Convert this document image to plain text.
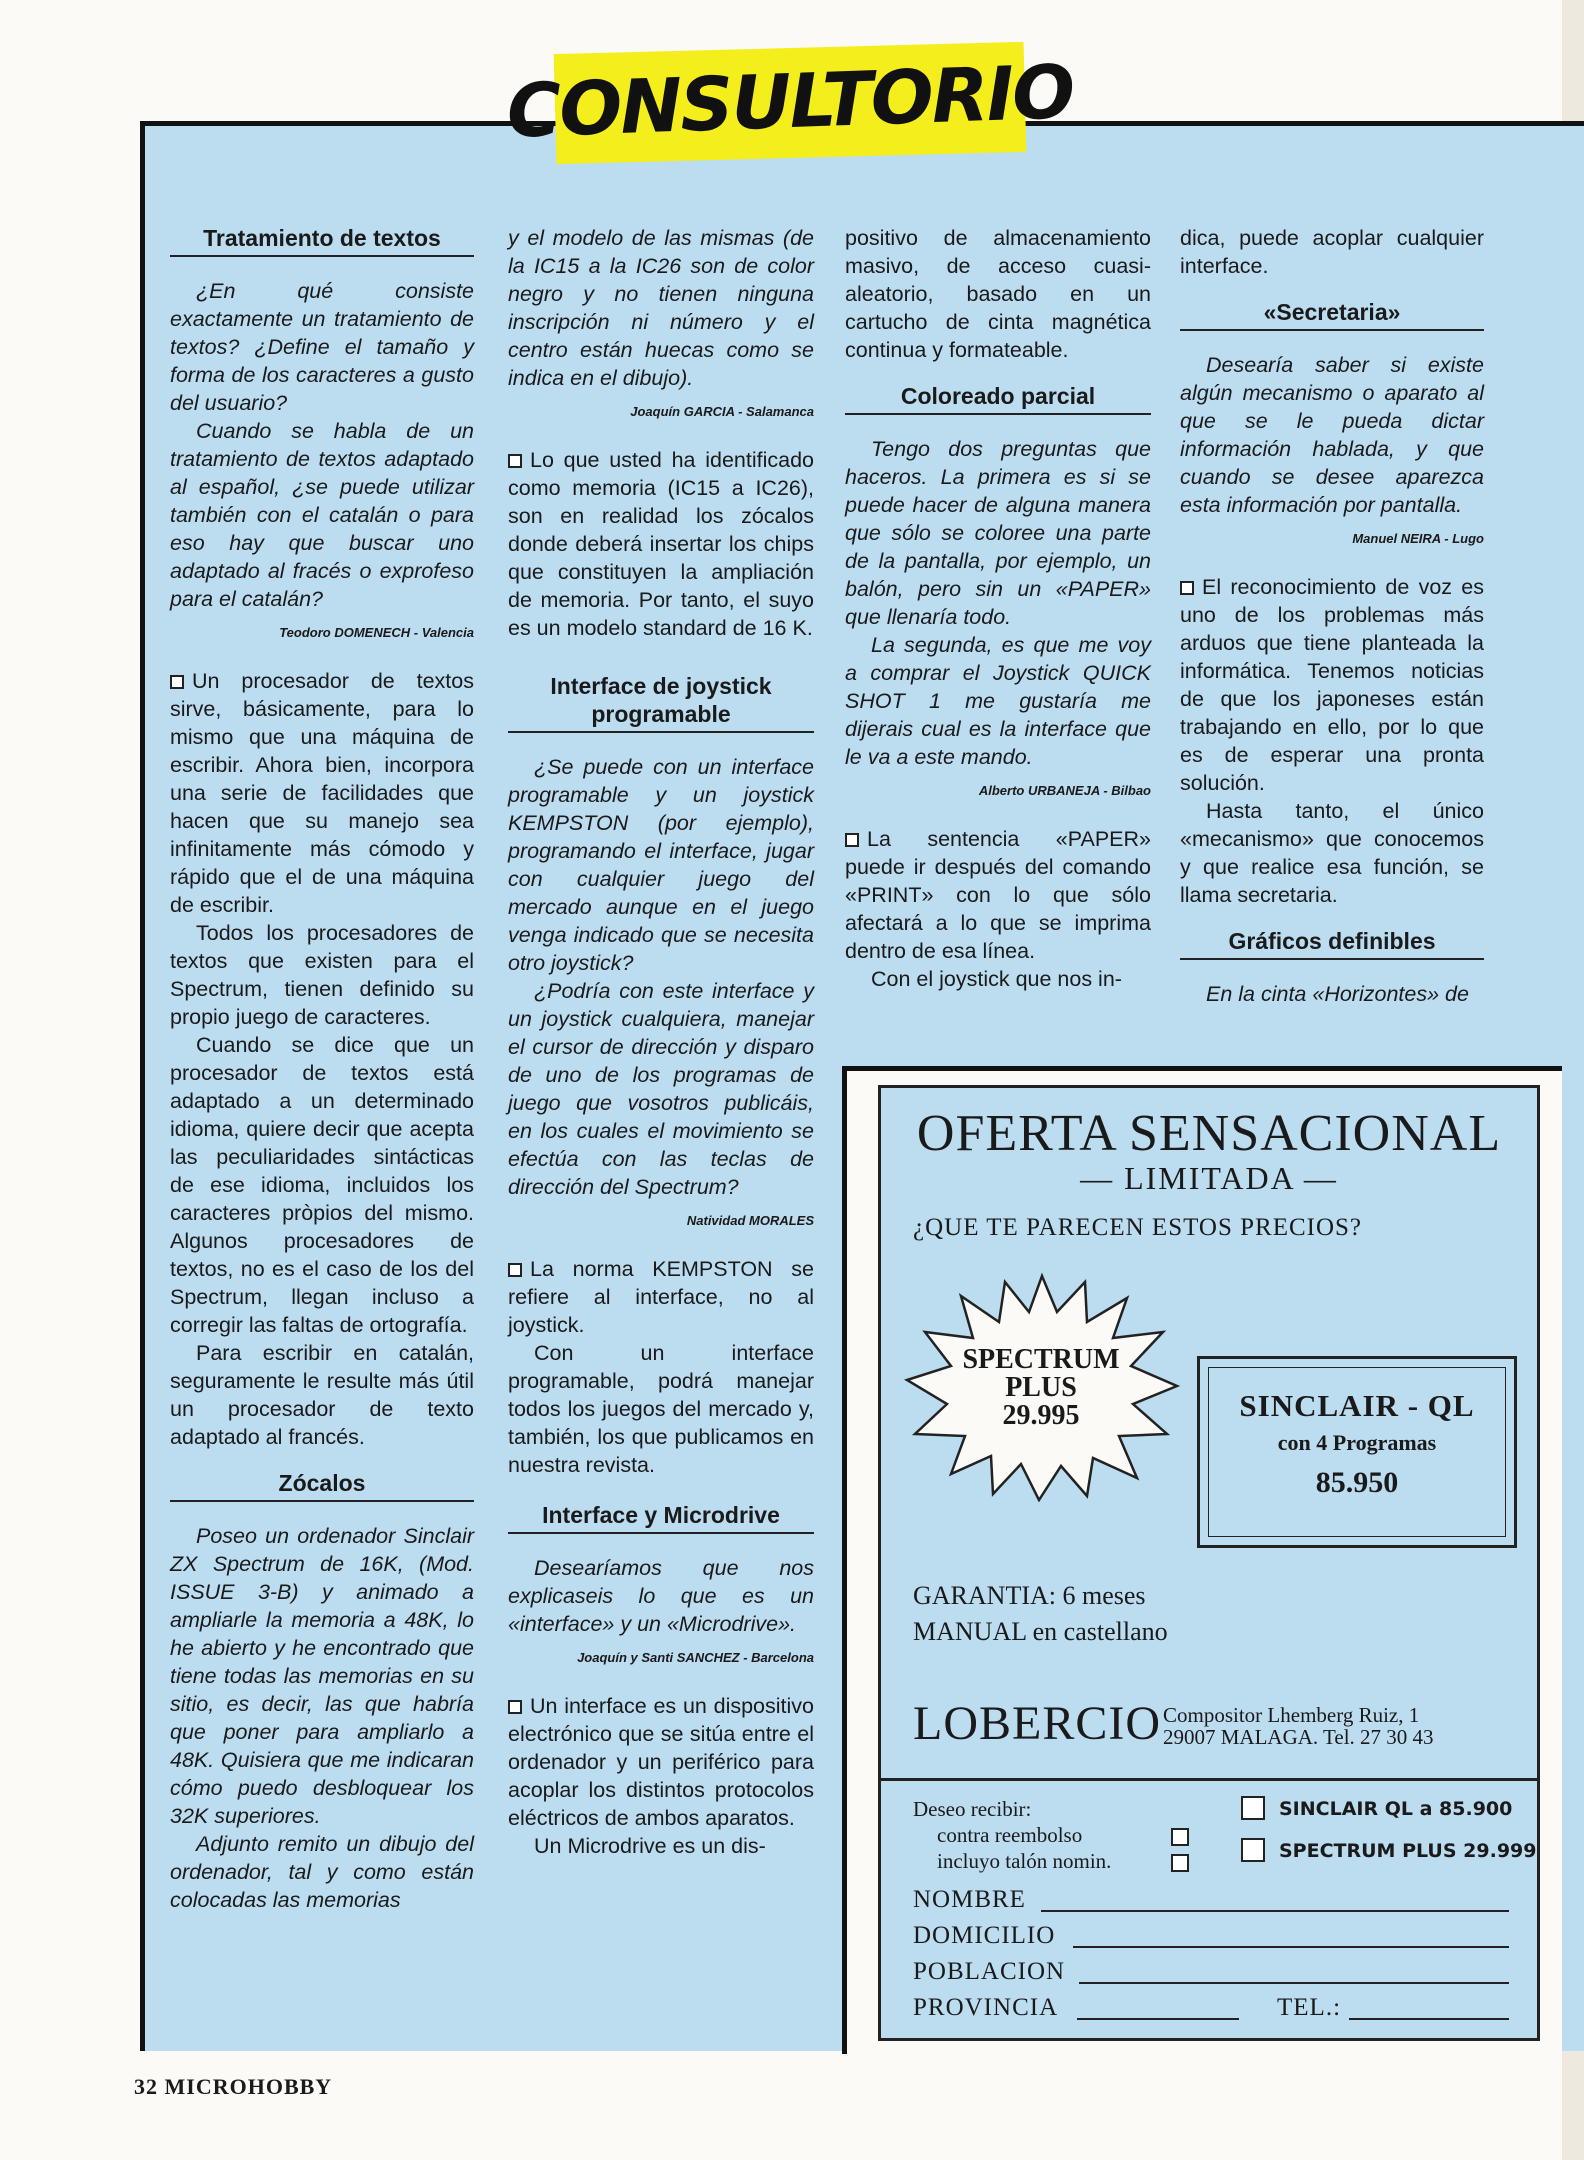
CONSULTORIO
Tratamiento de textos

¿En qué consiste exactamente un tratamiento de textos? ¿Define el tamaño y forma de los caracteres a gusto del usuario?

Cuando se habla de un tratamiento de textos adaptado al español, ¿se puede utilizar también con el catalán o para eso hay que buscar uno adaptado al fracés o exprofeso para el catalán?

Teodoro DOMENECH - Valencia

Un procesador de textos sirve, básicamente, para lo mismo que una máquina de escribir. Ahora bien, incorpora una serie de facilidades que hacen que su manejo sea infinitamente más cómodo y rápido que el de una máquina de escribir.

Todos los procesadores de textos que existen para el Spectrum, tienen definido su propio juego de caracteres.

Cuando se dice que un procesador de textos está adaptado a un determinado idioma, quiere decir que acepta las peculiaridades sintácticas de ese idioma, incluidos los caracteres pròpios del mismo. Algunos procesadores de textos, no es el caso de los del Spectrum, llegan incluso a corregir las faltas de ortografía.

Para escribir en catalán, seguramente le resulte más útil un procesador de texto adaptado al francés.

Zócalos

Poseo un ordenador Sinclair ZX Spectrum de 16K, (Mod. ISSUE 3-B) y animado a ampliarle la memoria a 48K, lo he abierto y he encontrado que tiene todas las memorias en su sitio, es decir, las que habría que poner para ampliarlo a 48K. Quisiera que me indicaran cómo puedo desbloquear los 32K superiores.

Adjunto remito un dibujo del ordenador, tal y como están colocadas las memorias

y el modelo de las mismas (de la IC15 a la IC26 son de color negro y no tienen ninguna inscripción ni número y el centro están huecas como se indica en el dibujo).

Joaquín GARCIA - Salamanca

Lo que usted ha identificado como memoria (IC15 a IC26), son en realidad los zócalos donde deberá insertar los chips que constituyen la ampliación de memoria. Por tanto, el suyo es un modelo standard de 16 K.

Interface de joystick programable

¿Se puede con un interface programable y un joystick KEMPSTON (por ejemplo), programando el interface, jugar con cualquier juego del mercado aunque en el juego venga indicado que se necesita otro joystick?

¿Podría con este interface y un joystick cualquiera, manejar el cursor de dirección y disparo de uno de los programas de juego que vosotros publicáis, en los cuales el movimiento se efectúa con las teclas de dirección del Spectrum?

Natividad MORALES

La norma KEMPSTON se refiere al interface, no al joystick.

Con un interface programable, podrá manejar todos los juegos del mercado y, también, los que publicamos en nuestra revista.

Interface y Microdrive

Desearíamos que nos explicaseis lo que es un «interface» y un «Microdrive».

Joaquín y Santi SANCHEZ - Barcelona

Un interface es un dispositivo electrónico que se sitúa entre el ordenador y un periférico para acoplar los distintos protocolos eléctricos de ambos aparatos.

Un Microdrive es un dis-

positivo de almacenamiento masivo, de acceso cuasi-aleatorio, basado en un cartucho de cinta magnética continua y formateable.

Coloreado parcial

Tengo dos preguntas que haceros. La primera es si se puede hacer de alguna manera que sólo se coloree una parte de la pantalla, por ejemplo, un balón, pero sin un «PAPER» que llenaría todo.

La segunda, es que me voy a comprar el Joystick QUICK SHOT 1 me gustaría me dijerais cual es la interface que le va a este mando.

Alberto URBANEJA - Bilbao

La sentencia «PAPER» puede ir después del comando «PRINT» con lo que sólo afectará a lo que se imprima dentro de esa línea.

Con el joystick que nos in-

dica, puede acoplar cualquier interface.

«Secretaria»

Desearía saber si existe algún mecanismo o aparato al que se le pueda dictar información hablada, y que cuando se desee aparezca esta información por pantalla.

Manuel NEIRA - Lugo

El reconocimiento de voz es uno de los problemas más arduos que tiene planteada la informática. Tenemos noticias de que los japoneses están trabajando en ello, por lo que es de esperar una pronta solución.

Hasta tanto, el único «mecanismo» que conocemos y que realice esa función, se llama secretaria.

Gráficos definibles

En la cinta «Horizontes» de

OFERTA SENSACIONAL
— LIMITADA —
¿QUE TE PARECEN ESTOS PRECIOS?
SPECTRUM
PLUS
29.995	SINCLAIR - QL
con 4 Programas
85.950
GARANTIA: 6 meses
MANUAL en castellano
LOBERCIO Compositor Lhemberg Ruiz, 1
29007 MALAGA. Tel. 27 30 43
Deseo recibir:
contra reembolso
incluyo talón nomin.
SINCLAIR QL a 85.900
SPECTRUM PLUS 29.999
NOMBRE
DOMICILIO
POBLACION
PROVINCIA	TEL.:
32 MICROHOBBY
